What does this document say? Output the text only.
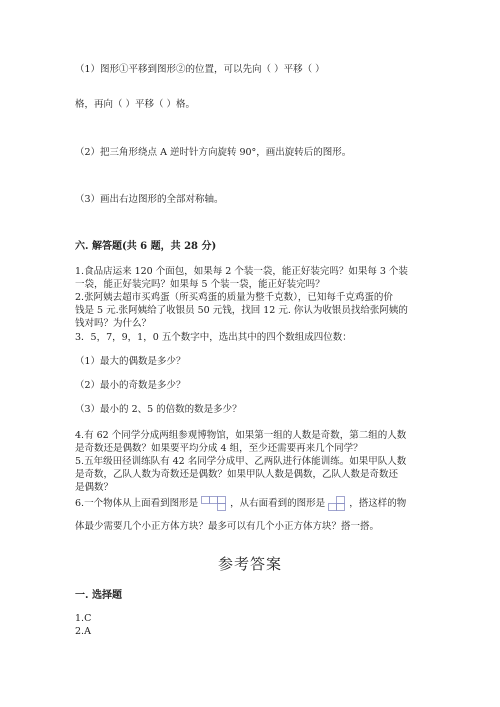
（1）图形①平移到图形②的位置，可以先向（ ）平移（ ）
格，再向（ ）平移（ ）格。
（2）把三角形绕点 A 逆时针方向旋转 90°，画出旋转后的图形。
（3）画出右边图形的全部对称轴。
六. 解答题(共 6 题，共 28 分)
1.食品店运来 120 个面包，如果每 2 个装一袋，能正好装完吗？如果每 3 个装
一袋，能正好装完吗？如果每 5 个装一袋，能正好装完吗？
2.张阿姨去超市买鸡蛋（所买鸡蛋的质量为整千克数），已知每千克鸡蛋的价
钱是 5 元.张阿姨给了收银员 50 元钱，找回 12 元. 你认为收银员找给张阿姨的
钱对吗？为什么？
3．5，7，9，1，0 五个数字中，选出其中的四个数组成四位数：
（1）最大的偶数是多少？
（2）最小的奇数是多少？
（3）最小的 2、5 的倍数的数是多少？
4.有 62 个同学分成两组参观博物馆，如果第一组的人数是奇数，第二组的人数
是奇数还是偶数？如果要平均分成 4 组，至少还需要再来几个同学？
5.五年级田径训练队有 42 名同学分成甲、乙两队进行体能训练。如果甲队人数
是奇数，乙队人数为奇数还是偶数？如果甲队人数是偶数，乙队人数是奇数还
是偶数？
6.一个物体从上面看到图形是	，从右面看到的图形是	，搭这样的物
体最少需要几个小正方体方块？最多可以有几个小正方体方块？搭一搭。
参考答案
一. 选择题
1.C
2.A
